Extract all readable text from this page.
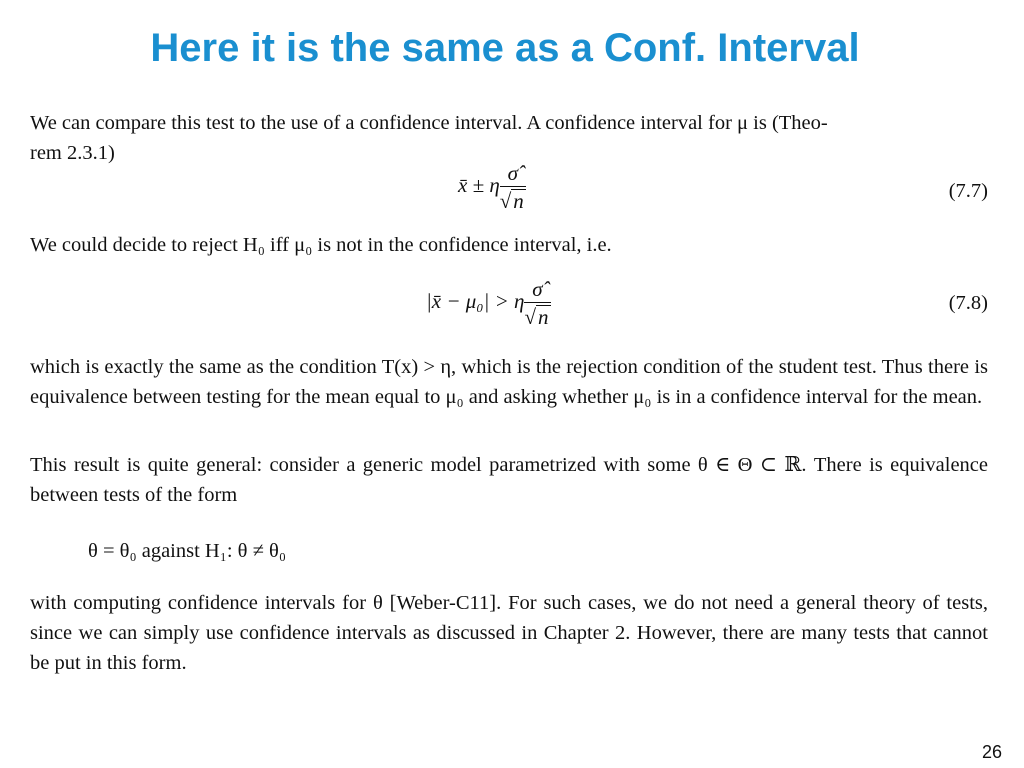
Here it is the same as a Conf. Interval
We can compare this test to the use of a confidence interval. A confidence interval for μ is (Theo-
rem 2.3.1)
x̄ ± η $\frac{\sigmâ}{√n}$	(7.7)
We could decide to reject H₀ iff μ₀ is not in the confidence interval, i.e.
|x̄ − μ₀| > η $\frac{\sigmâ}{√n}$	(7.8)
which is exactly the same as the condition T(x) > η, which is the rejection condition of the student test. Thus there is equivalence between testing for the mean equal to μ₀ and asking whether μ₀ is in a confidence interval for the mean.
This result is quite general: consider a generic model parametrized with some θ ∈ Θ ⊂ ℝ. There is equivalence between tests of the form
θ = θ₀ against H₁: θ ≠ θ₀
with computing confidence intervals for θ [Weber-C11]. For such cases, we do not need a general theory of tests, since we can simply use confidence intervals as discussed in Chapter 2. However, there are many tests that cannot be put in this form.
26
